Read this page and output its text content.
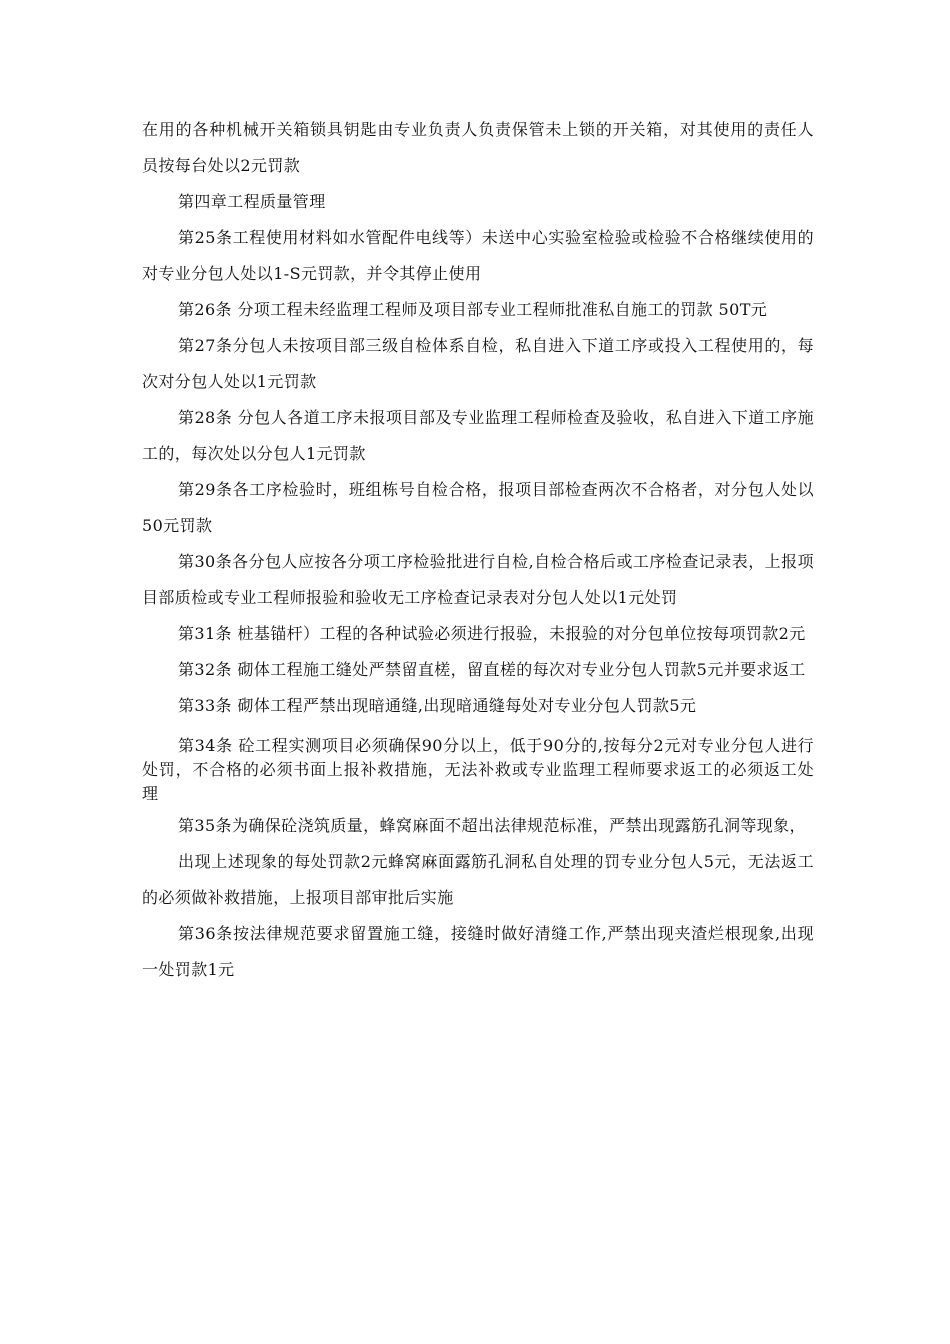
在用的各种机械开关箱锁具钥匙由专业负责人负责保管未上锁的开关箱，对其使用的责任人员按每台处以2元罚款

第四章工程质量管理

第25条工程使用材料如水管配件电线等）未送中心实验室检验或检验不合格继续使用的对专业分包人处以1-S元罚款，并令其停止使用

第26条 分项工程未经监理工程师及项目部专业工程师批准私自施工的罚款 50T元

第27条分包人未按项目部三级自检体系自检，私自进入下道工序或投入工程使用的，每次对分包人处以1元罚款

第28条 分包人各道工序未报项目部及专业监理工程师检查及验收，私自进入下道工序施工的，每次处以分包人1元罚款

第29条各工序检验时，班组栋号自检合格，报项目部检查两次不合格者，对分包人处以50元罚款

第30条各分包人应按各分项工序检验批进行自检,自检合格后或工序检查记录表，上报项目部质检或专业工程师报验和验收无工序检查记录表对分包人处以1元处罚

第31条 桩基锚杆）工程的各种试验必须进行报验，未报验的对分包单位按每项罚款2元

第32条 砌体工程施工缝处严禁留直槎，留直槎的每次对专业分包人罚款5元并要求返工

第33条 砌体工程严禁出现暗通缝,出现暗通缝每处对专业分包人罚款5元

第34条 砼工程实测项目必须确保90分以上，低于90分的,按每分2元对专业分包人进行处罚，不合格的必须书面上报补救措施，无法补救或专业监理工程师要求返工的必须返工处理

第35条为确保砼浇筑质量，蜂窝麻面不超出法律规范标准，严禁出现露筋孔洞等现象，

出现上述现象的每处罚款2元蜂窝麻面露筋孔洞私自处理的罚专业分包人5元，无法返工的必须做补救措施，上报项目部审批后实施

第36条按法律规范要求留置施工缝，接缝时做好清缝工作,严禁出现夹渣烂根现象,出现一处罚款1元
